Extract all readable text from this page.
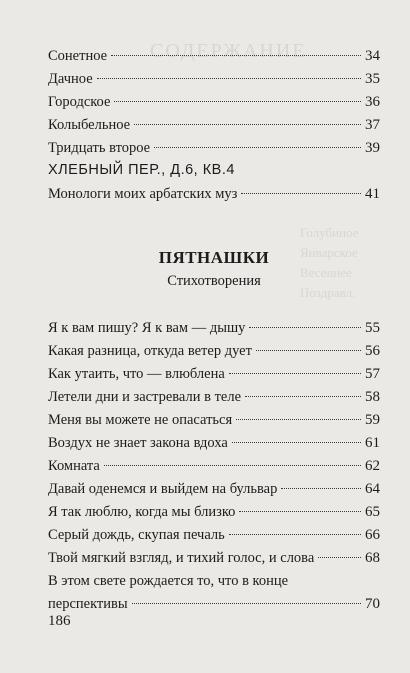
СОДЕРЖАНИЕ
Голубиное
Январское
Весеннее
Поздравл.
Сонетное	34
Дачное	35
Городское	36
Колыбельное	37
Тридцать второе	39
ХЛЕБНЫЙ ПЕР., Д.6, КВ.4
Монологи моих арбатских муз	41
ПЯТНАШКИ
Стихотворения
Я к вам пишу? Я к вам — дышу	55
Какая разница, откуда ветер дует	56
Как утаить, что — влюблена	57
Летели дни и застревали в теле	58
Меня вы можете не опасаться	59
Воздух не знает закона вдоха	61
Комната	62
Давай оденемся и выйдем на бульвар	64
Я так люблю, когда мы близко	65
Серый дождь, скупая печаль	66
Твой мягкий взгляд, и тихий голос, и слова	68
В этом свете рождается то, что в конце
перспективы	70
186
